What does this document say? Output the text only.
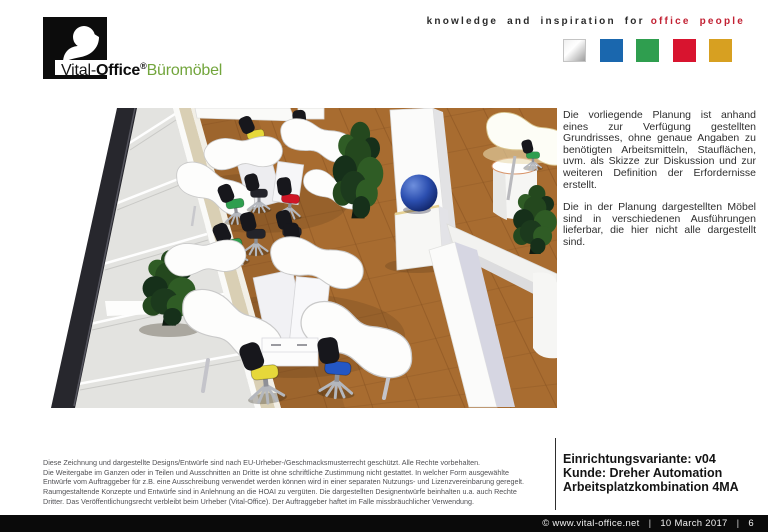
Vital-Office®Büromöbel
knowledge and inspiration for office people

Die vorliegende Planung ist anhand eines zur Verfügung gestellten Grundrisses, ohne genaue Angaben zu benötigten Arbeitsmitteln, Stauflächen, uvm. als Skizze zur Diskussion und zur weiteren Definition der Erfordernisse erstellt.

Die in der Planung dargestellten Möbel sind in verschiedenen Ausführungen lieferbar, die hier nicht alle dargestellt sind.

Diese Zeichnung und dargestellte Designs/Entwürfe sind nach EU-Urheber-/Geschmacksmusterrecht geschützt. Alle Rechte vorbehalten.
Die Weitergabe im Ganzen oder in Teilen und Ausschnitten an Dritte ist ohne schriftliche Zustimmung nicht gestattet. In welcher Form ausgewählte
Entwürfe vom Auftraggeber für z.B. eine Ausschreibung verwendet werden können wird in einer separaten Nutzungs- und Lizenzvereinbarung geregelt.
Raumgestaltende Konzepte und Entwürfe sind in Anlehnung an die HOAI zu vergüten. Die dargestellten Designentwürfe beinhalten u.a. auch Rechte
Dritter. Das Veröffentlichungsrecht verbleibt beim Urheber (Vital-Office). Der Auftraggeber haftet im Falle missbräuchlicher Verwendung.
Einrichtungsvariante: v04
Kunde: Dreher Automation
Arbeitsplatzkombination 4MA
© www.vital-office.net | 10 March 2017 | 6
